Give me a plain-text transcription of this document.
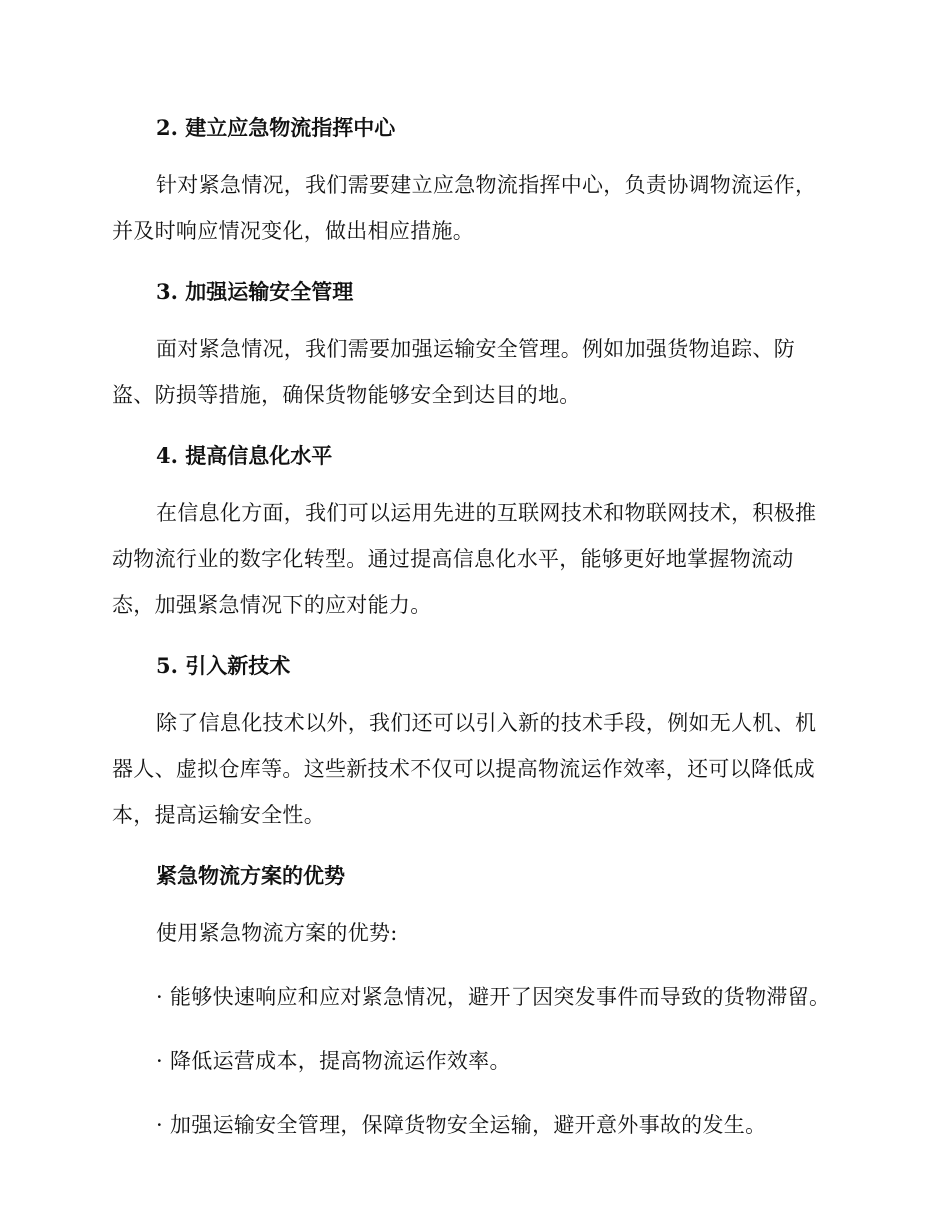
2. 建立应急物流指挥中心

针对紧急情况，我们需要建立应急物流指挥中心，负责协调物流运作，并及时响应情况变化，做出相应措施。

3. 加强运输安全管理

面对紧急情况，我们需要加强运输安全管理。例如加强货物追踪、防盗、防损等措施，确保货物能够安全到达目的地。

4. 提高信息化水平

在信息化方面，我们可以运用先进的互联网技术和物联网技术，积极推动物流行业的数字化转型。通过提高信息化水平，能够更好地掌握物流动态，加强紧急情况下的应对能力。

5. 引入新技术

除了信息化技术以外，我们还可以引入新的技术手段，例如无人机、机器人、虚拟仓库等。这些新技术不仅可以提高物流运作效率，还可以降低成本，提高运输安全性。

紧急物流方案的优势

使用紧急物流方案的优势:

· 能够快速响应和应对紧急情况，避开了因突发事件而导致的货物滞留。

· 降低运营成本，提高物流运作效率。

· 加强运输安全管理，保障货物安全运输，避开意外事故的发生。
